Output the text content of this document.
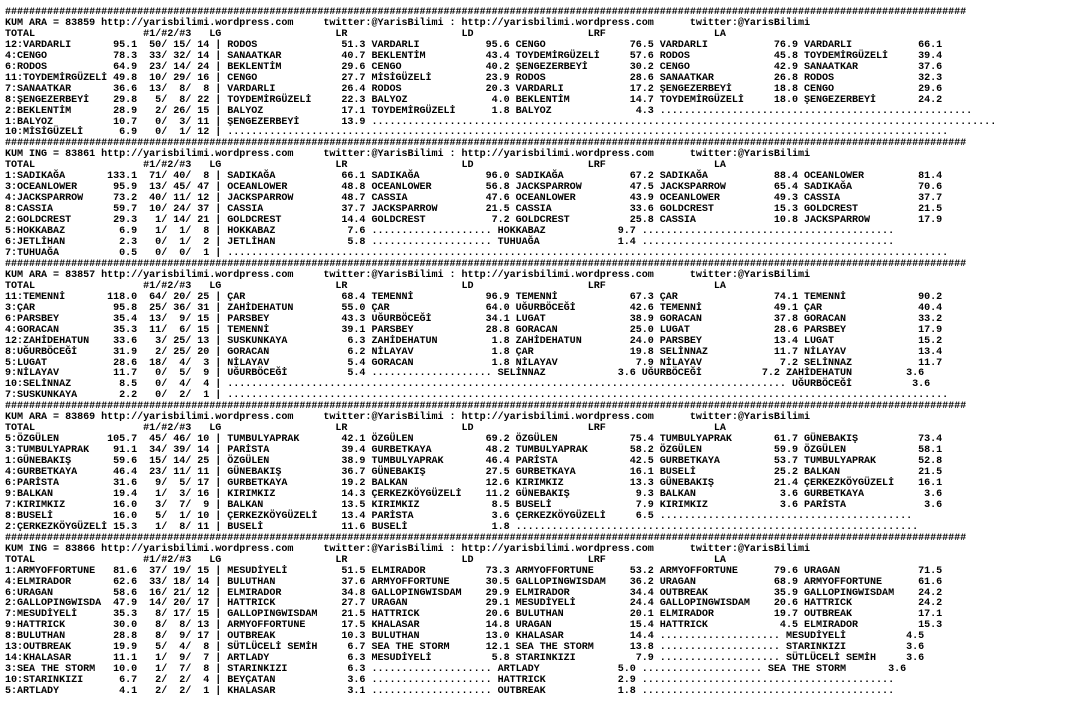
################################################################################################################################################################
KUM ARA = 83859 http://yarisbilimi.wordpress.com     twitter:@YarisBilimi : http://yarisbilimi.wordpress.com      twitter:@YarisBilimi
TOTAL                  #1/#2/#3   LG                   LR                   LD                   LRF                  LA
12:VARDARLI       95.1  50/ 15/ 14 | RODOS              51.3 VARDARLI           95.6 CENGO              76.5 VARDARLI           76.9 VARDARLI           66.1
4:CENGO           78.3  33/ 32/ 14 | SANAATKAR          40.7 BEKLENTİM          43.4 TOYDEMİRGÜZELİ     57.6 RODOS              45.8 TOYDEMİRGÜZELİ     39.4
6:RODOS           64.9  23/ 14/ 24 | BEKLENTİM          29.6 CENGO              40.2 ŞENGEZERBEYİ       30.2 CENGO              42.9 SANAATKAR          37.6
11:TOYDEMİRGÜZELİ 49.8  10/ 29/ 16 | CENGO              27.7 MİSİGÜZELİ         23.9 RODOS              28.6 SANAATKAR          26.8 RODOS              32.3
7:SANAATKAR       36.6  13/  8/  8 | VARDARLI           26.4 RODOS              20.3 VARDARLI           17.2 ŞENGEZERBEYİ       18.8 CENGO              29.6
8:ŞENGEZERBEYİ    29.8   5/  8/ 22 | TOYDEMİRGÜZELİ     22.3 BALYOZ              4.0 BEKLENTİM          14.7 TOYDEMİRGÜZELİ     18.0 ŞENGEZERBEYİ       24.2
2:BEKLENTİM       28.9   2/ 26/ 15 | BALYOZ             17.1 TOYDEMİRGÜZELİ      1.8 BALYOZ              4.3 ....................................................
1:BALYOZ          10.7   0/  3/ 11 | ŞENGEZERBEYİ       13.9 ........................................................................................................
10:MİSİGÜZELİ      6.9   0/  1/ 12 | ........................................................................................................................
################################################################################################################################################################
KUM ING = 83861 http://yarisbilimi.wordpress.com     twitter:@YarisBilimi : http://yarisbilimi.wordpress.com      twitter:@YarisBilimi
TOTAL                  #1/#2/#3   LG                   LR                   LD                   LRF                  LA
1:SADIKAĞA       133.1  71/ 40/  8 | SADIKAĞA           66.1 SADIKAĞA           96.0 SADIKAĞA           67.2 SADIKAĞA           88.4 OCEANLOWER         81.4
3:OCEANLOWER      95.9  13/ 45/ 47 | OCEANLOWER         48.8 OCEANLOWER         56.8 JACKSPARROW        47.5 JACKSPARROW        65.4 SADIKAĞA           70.6
4:JACKSPARROW     73.2  40/ 11/ 12 | JACKSPARROW        48.7 CASSIA             47.6 OCEANLOWER         43.9 OCEANLOWER         49.3 CASSIA             37.7
8:CASSIA          59.7  10/ 24/ 37 | CASSIA             37.7 JACKSPARROW        21.5 CASSIA             33.6 GOLDCREST          15.3 GOLDCREST          21.5
2:GOLDCREST       29.3   1/ 14/ 21 | GOLDCREST          14.4 GOLDCREST           7.2 GOLDCREST          25.8 CASSIA             10.8 JACKSPARROW        17.9
5:HOKKABAZ         6.9   1/  1/  8 | HOKKABAZ            7.6 .................... HOKKABAZ            9.7 ..........................................
6:JETLİHAN         2.3   0/  1/  2 | JETLİHAN            5.8 .................... TUHUAĞA             1.4 ..........................................
7:TUHUAĞA          0.5   0/  0/  1 | ........................................................................................................................
################################################################################################################################################################
KUM ARA = 83857 http://yarisbilimi.wordpress.com     twitter:@YarisBilimi : http://yarisbilimi.wordpress.com      twitter:@YarisBilimi
TOTAL                  #1/#2/#3   LG                   LR                   LD                   LRF                  LA
11:TEMENNİ       118.0  64/ 20/ 25 | ÇAR                68.4 TEMENNİ            96.9 TEMENNİ            67.3 ÇAR                74.1 TEMENNİ            90.2
3:ÇAR             95.8  25/ 36/ 31 | ZAHİDEHATUN        55.0 ÇAR                64.0 UĞURBÖCEĞİ         42.6 TEMENNİ            49.1 ÇAR                40.4
6:PARSBEY         35.4  13/  9/ 15 | PARSBEY            43.3 UĞURBÖCEĞİ         34.1 LUGAT              38.9 GORACAN            37.8 GORACAN            33.2
4:GORACAN         35.3  11/  6/ 15 | TEMENNİ            39.1 PARSBEY            28.8 GORACAN            25.0 LUGAT              28.6 PARSBEY            17.9
12:ZAHİDEHATUN    33.6   3/ 25/ 13 | SUSKUNKAYA          6.3 ZAHİDEHATUN         1.8 ZAHİDEHATUN        24.0 PARSBEY            13.4 LUGAT              15.2
8:UĞURBÖCEĞİ      31.9   2/ 25/ 20 | GORACAN             6.2 NİLAYAV             1.8 ÇAR                19.8 SELİNNAZ           11.7 NİLAYAV            13.4
5:LUGAT           28.6  18/  4/  3 | NİLAYAV             5.4 GORACAN             1.8 NİLAYAV             7.9 NİLAYAV             7.2 SELİNNAZ           11.7
9:NİLAYAV         11.7   0/  5/  9 | UĞURBÖCEĞİ          5.4 .................... SELİNNAZ            3.6 UĞURBÖCEĞİ          7.2 ZAHİDEHATUN         3.6
10:SELİNNAZ        8.5   0/  4/  4 | ............................................................................................. UĞURBÖCEĞİ          3.6
7:SUSKUNKAYA       2.2   0/  2/  1 | ........................................................................................................................
################################################################################################################################################################
KUM ARA = 83869 http://yarisbilimi.wordpress.com     twitter:@YarisBilimi : http://yarisbilimi.wordpress.com      twitter:@YarisBilimi
TOTAL                  #1/#2/#3   LG                   LR                   LD                   LRF                  LA
5:ÖZGÜLEN        105.7  45/ 46/ 10 | TUMBULYAPRAK       42.1 ÖZGÜLEN            69.2 ÖZGÜLEN            75.4 TUMBULYAPRAK       61.7 GÜNEBAKIŞ          73.4
3:TUMBULYAPRAK    91.1  34/ 39/ 14 | PARİSTA            39.4 GURBETKAYA         48.2 TUMBULYAPRAK       58.2 ÖZGÜLEN            59.9 ÖZGÜLEN            58.1
1:GÜNEBAKIŞ       59.6  15/ 14/ 25 | ÖZGÜLEN            38.9 TUMBULYAPRAK       46.4 PARİSTA            42.5 GURBETKAYA         53.7 TUMBULYAPRAK       52.8
4:GURBETKAYA      46.4  23/ 11/ 11 | GÜNEBAKIŞ          36.7 GÜNEBAKIŞ          27.5 GURBETKAYA         16.1 BUSELİ             25.2 BALKAN             21.5
6:PARİSTA         31.6   9/  5/ 17 | GURBETKAYA         19.2 BALKAN             12.6 KIRIMKIZ           13.3 GÜNEBAKIŞ          21.4 ÇERKEZKÖYGÜZELİ    16.1
9:BALKAN          19.4   1/  3/ 16 | KIRIMKIZ           14.3 ÇERKEZKÖYGÜZELİ    11.2 GÜNEBAKIŞ           9.3 BALKAN              3.6 GURBETKAYA          3.6
7:KIRIMKIZ        16.0   3/  7/  9 | BALKAN             13.5 KIRIMKIZ            8.5 BUSELİ              7.9 KIRIMKIZ            3.6 PARİSTA             3.6
8:BUSELİ          16.0   5/  1/ 10 | ÇERKEZKÖYGÜZELİ    13.4 PARİSTA             3.6 ÇERKEZKÖYGÜZELİ     6.5 ..........................................
2:ÇERKEZKÖYGÜZELİ 15.3   1/  8/ 11 | BUSELİ             11.6 BUSELİ              1.8 ...................................................................
################################################################################################################################################################
KUM ING = 83866 http://yarisbilimi.wordpress.com     twitter:@YarisBilimi : http://yarisbilimi.wordpress.com      twitter:@YarisBilimi
TOTAL                  #1/#2/#3   LG                   LR                   LD                   LRF                  LA
1:ARMYOFFORTUNE   81.6  37/ 19/ 15 | MESUDİYELİ         51.5 ELMIRADOR          73.3 ARMYOFFORTUNE      53.2 ARMYOFFORTUNE      79.6 URAGAN             71.5
4:ELMIRADOR       62.6  33/ 18/ 14 | BULUTHAN           37.6 ARMYOFFORTUNE      30.5 GALLOPINGWISDAM    36.2 URAGAN             68.9 ARMYOFFORTUNE      61.6
6:URAGAN          58.6  16/ 21/ 12 | ELMIRADOR          34.8 GALLOPINGWISDAM    29.9 ELMIRADOR          34.4 OUTBREAK           35.9 GALLOPINGWISDAM    24.2
2:GALLOPINGWISDA  47.9  14/ 20/ 17 | HATTRICK           27.7 URAGAN             29.1 MESUDİYELİ         24.4 GALLOPINGWISDAM    20.6 HATTRICK           24.2
7:MESUDİYELİ      35.3   8/ 17/ 15 | GALLOPINGWISDAM    21.5 HATTRICK           20.6 BULUTHAN           20.1 ELMIRADOR          19.7 OUTBREAK           17.1
9:HATTRICK        30.0   8/  8/ 13 | ARMYOFFORTUNE      17.5 KHALASAR           14.8 URAGAN             15.4 HATTRICK            4.5 ELMIRADOR          15.3
8:BULUTHAN        28.8   8/  9/ 17 | OUTBREAK           10.3 BULUTHAN           13.0 KHALASAR           14.4 .................... MESUDİYELİ          4.5
13:OUTBREAK       19.9   5/  4/  8 | SÜTLÜCELİ SEMİH     6.7 SEA THE STORM      12.1 SEA THE STORM      13.8 .................... STARINKIZI          3.6
14:KHALASAR       11.1   1/  9/  7 | ARTLADY             6.3 MESUDİYELİ          5.8 STARINKIZI          7.9 .................... SÜTLÜCELİ SEMİH     3.6
3:SEA THE STORM   10.0   1/  7/  8 | STARINKIZI          6.3 .................... ARTLADY             5.0 .................... SEA THE STORM       3.6
10:STARINKIZI      6.7   2/  2/  4 | BEYÇATAN            3.6 .................... HATTRICK            2.9 ..........................................
5:ARTLADY          4.1   2/  2/  1 | KHALASAR            3.1 .................... OUTBREAK            1.8 ..........................................
